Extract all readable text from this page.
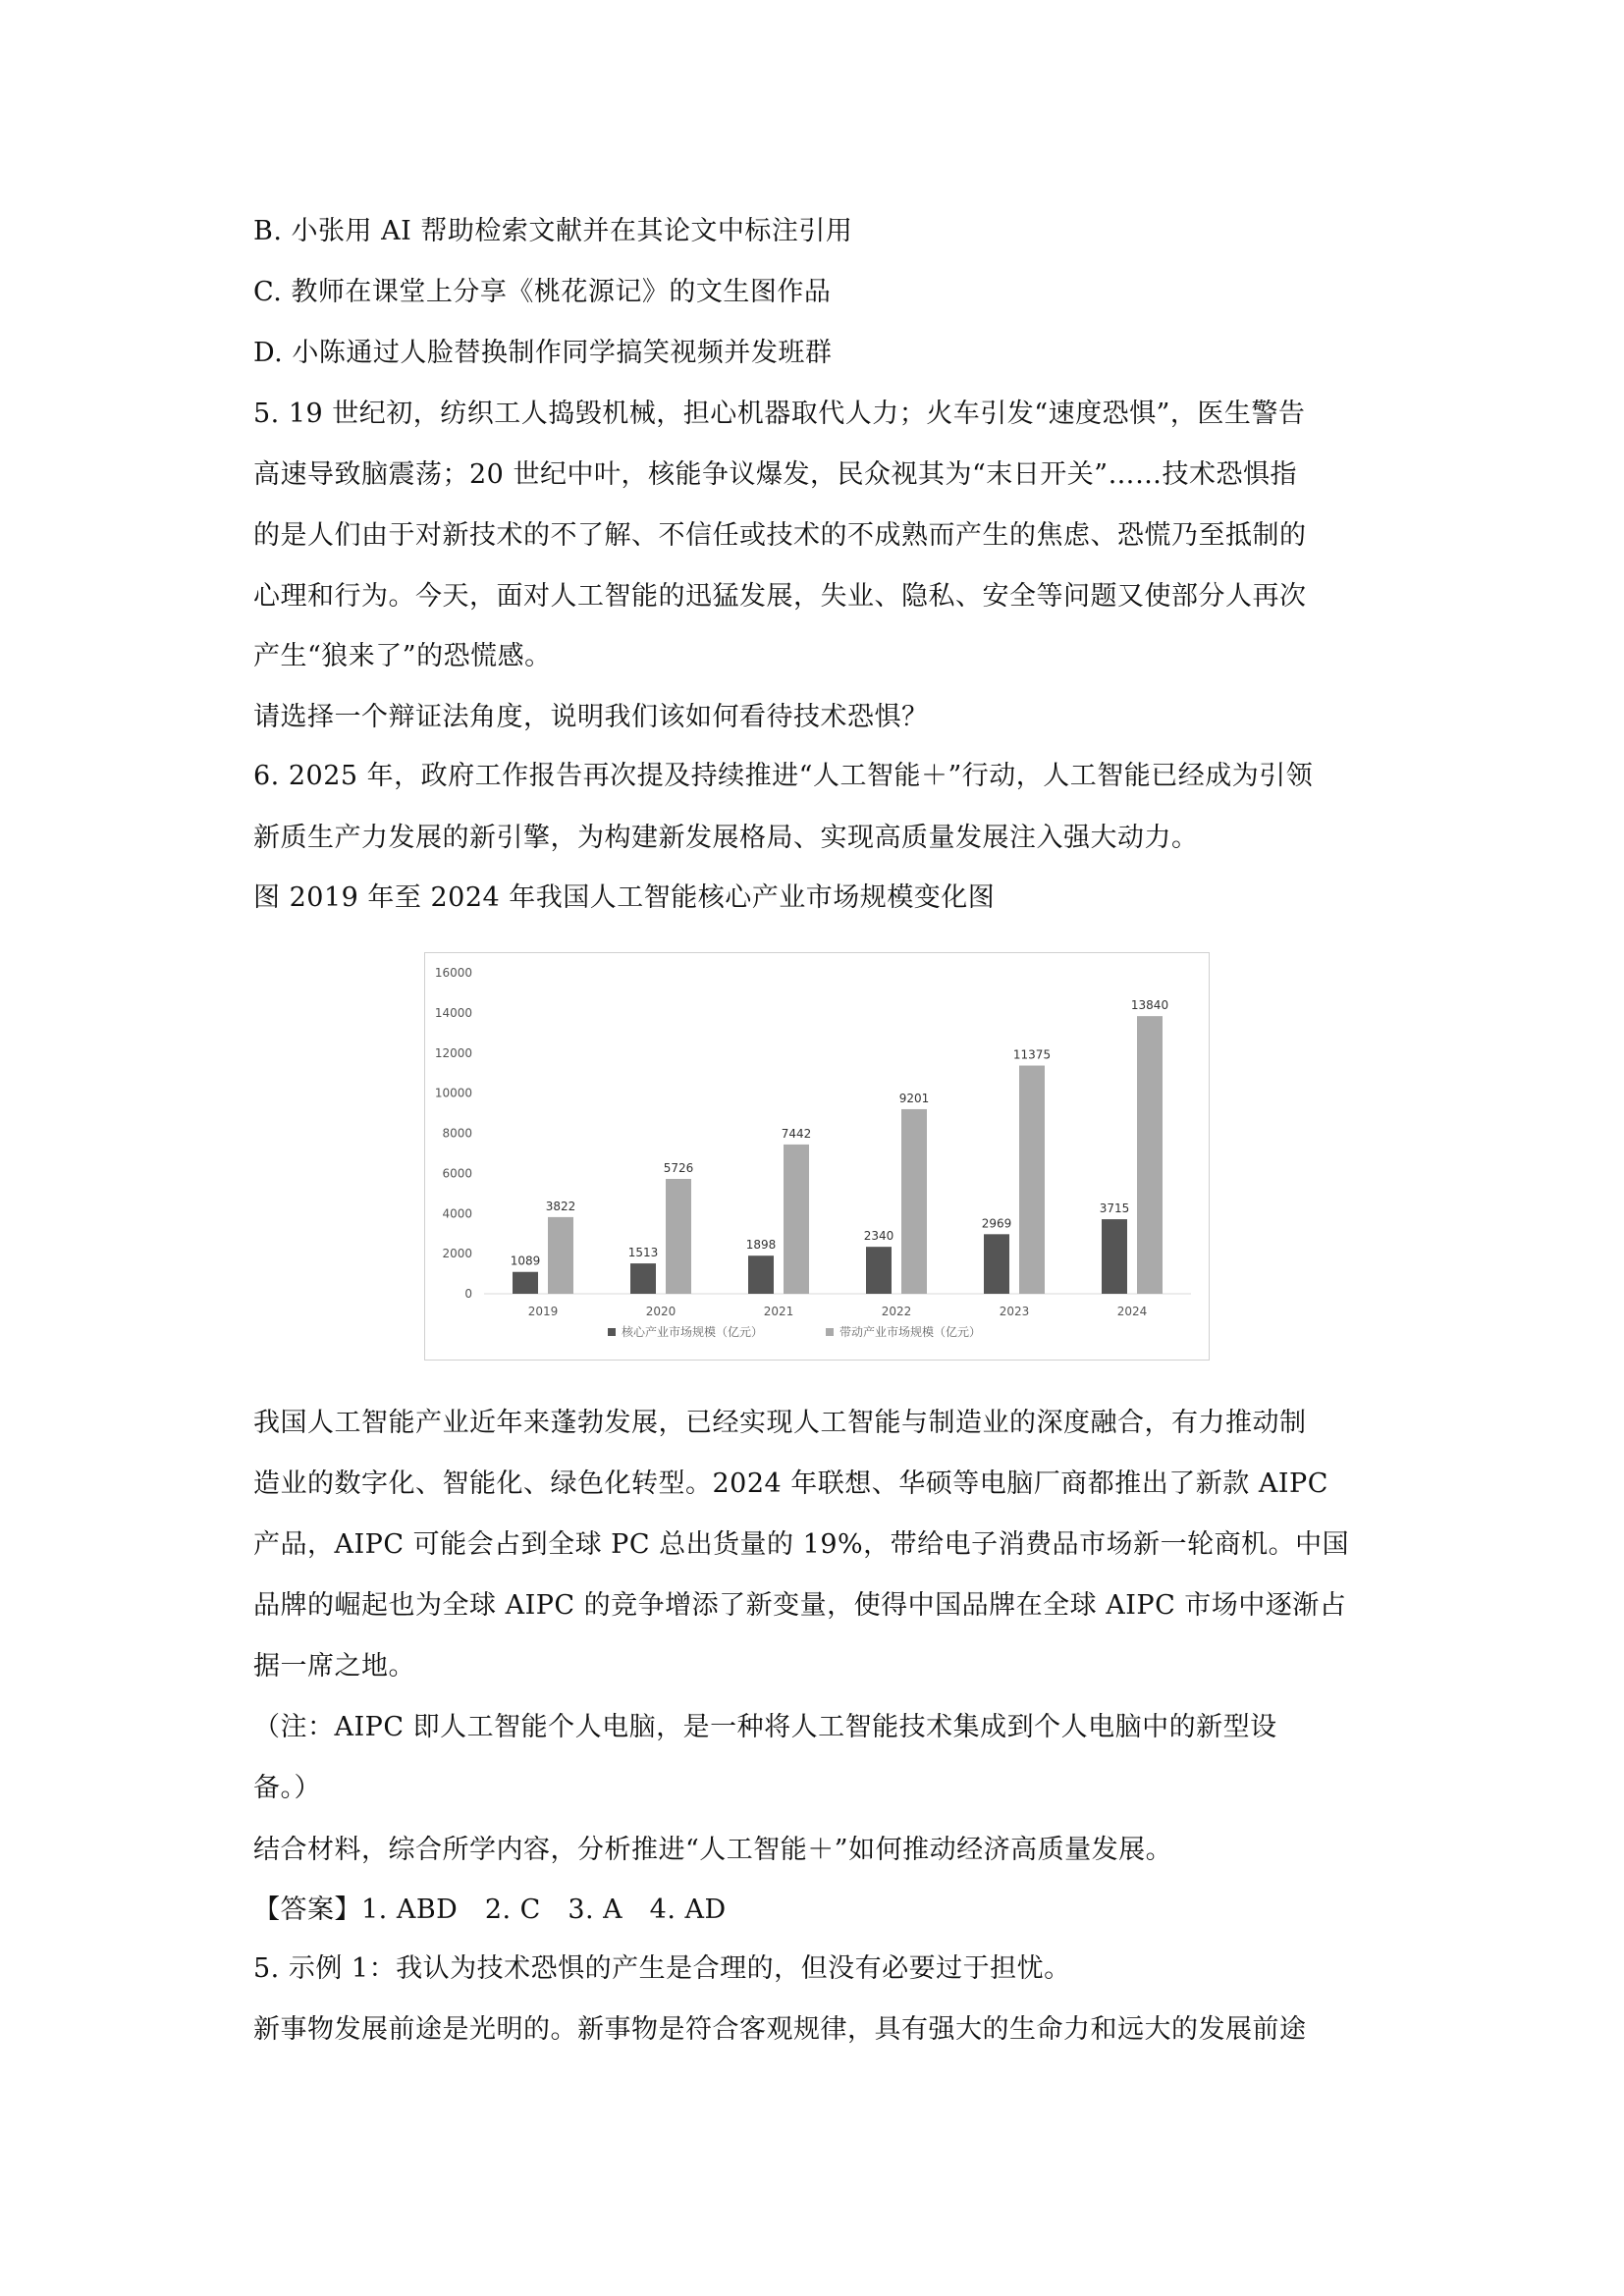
B. 小张用 AI 帮助检索文献并在其论文中标注引用
C. 教师在课堂上分享《桃花源记》的文生图作品
D. 小陈通过人脸替换制作同学搞笑视频并发班群
5. 19 世纪初，纺织工人捣毁机械，担心机器取代人力；火车引发“速度恐惧”，医生警告
高速导致脑震荡；20 世纪中叶，核能争议爆发，民众视其为“末日开关”……技术恐惧指
的是人们由于对新技术的不了解、不信任或技术的不成熟而产生的焦虑、恐慌乃至抵制的
心理和行为。今天，面对人工智能的迅猛发展，失业、隐私、安全等问题又使部分人再次
产生“狼来了”的恐慌感。
请选择一个辩证法角度，说明我们该如何看待技术恐惧？
6. 2025 年，政府工作报告再次提及持续推进“人工智能＋”行动，人工智能已经成为引领
新质生产力发展的新引擎，为构建新发展格局、实现高质量发展注入强大动力。
图 2019 年至 2024 年我国人工智能核心产业市场规模变化图
0
2000
4000
6000
8000
10000
12000
14000
16000
1089
3822
1513
5726
1898
7442
2340
9201
2969
11375
3715
13840
2019	2020	2021	2022	2023	2024
核心产业市场规模（亿元）	带动产业市场规模（亿元）
我国人工智能产业近年来蓬勃发展，已经实现人工智能与制造业的深度融合，有力推动制
造业的数字化、智能化、绿色化转型。2024 年联想、华硕等电脑厂商都推出了新款 AIPC
产品，AIPC 可能会占到全球 PC 总出货量的 19%，带给电子消费品市场新一轮商机。中国
品牌的崛起也为全球 AIPC 的竞争增添了新变量，使得中国品牌在全球 AIPC 市场中逐渐占
据一席之地。
（注：AIPC 即人工智能个人电脑，是一种将人工智能技术集成到个人电脑中的新型设
备。）
结合材料，综合所学内容，分析推进“人工智能＋”如何推动经济高质量发展。
【答案】1. ABD　2. C　3. A　4. AD
5. 示例 1：我认为技术恐惧的产生是合理的，但没有必要过于担忧。
新事物发展前途是光明的。新事物是符合客观规律，具有强大的生命力和远大的发展前途
